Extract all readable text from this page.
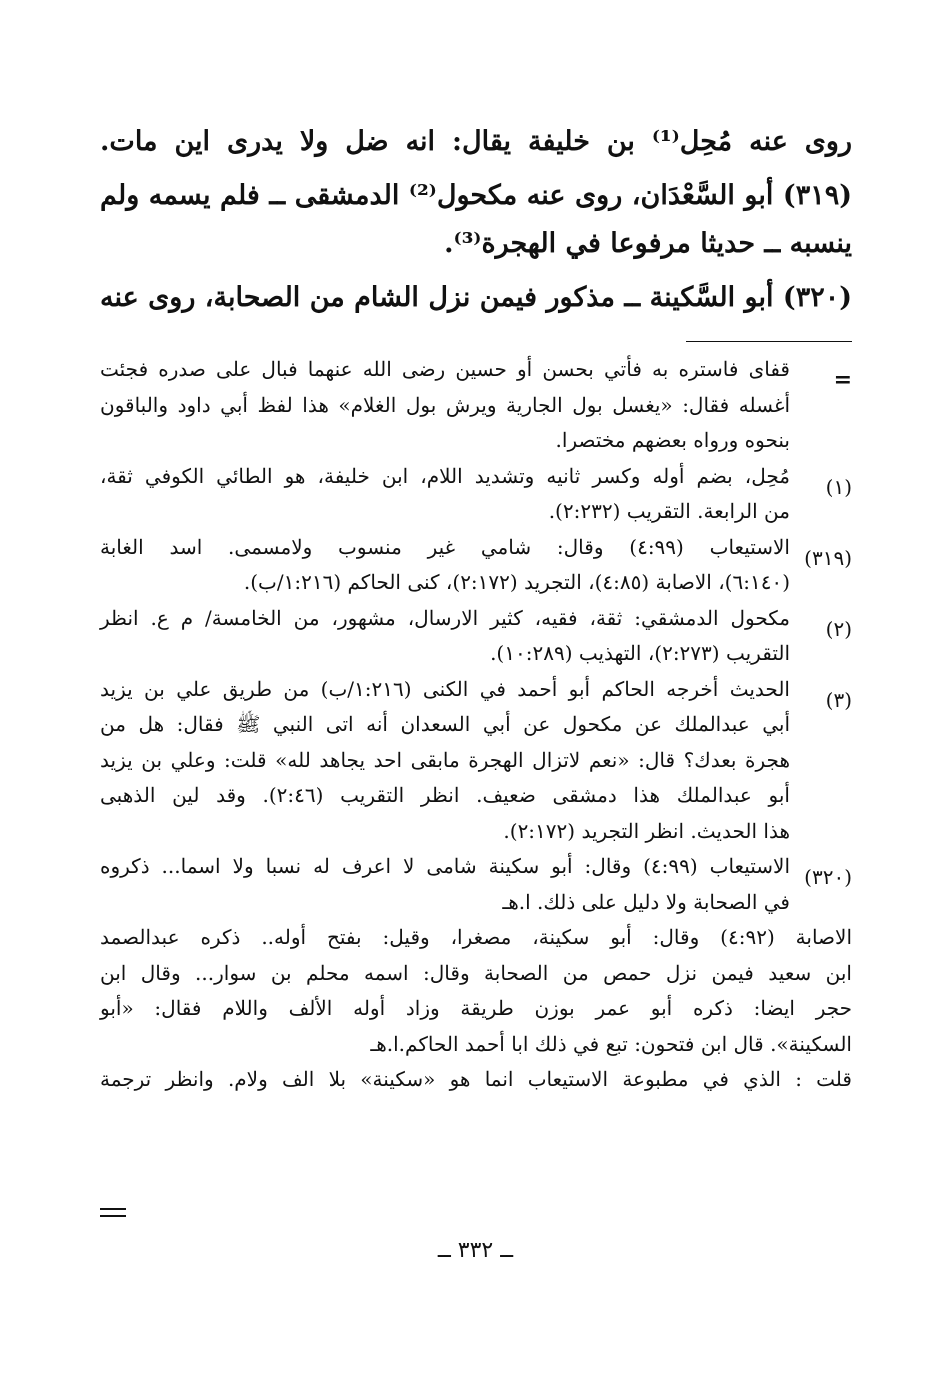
روى عنه مُحِل⁽¹⁾ بن خليفة يقال: انه ضل ولا يدرى اين مات.

(٣١٩) أبو السَّعْدَان، روى عنه مكحول⁽²⁾ الدمشقى ــ فلم يسمه ولم

ينسبه ــ حديثا مرفوعا في الهجرة⁽³⁾.

(٣٢٠) أبو السَّكينة ــ مذكور فيمن نزل الشام من الصحابة، روى عنه

=

قفاى فاستره به فأتي بحسن أو حسين رضى الله عنهما فبال على صدره فجئت

أغسله فقال: «يغسل بول الجارية ويرش بول الغلام» هذا لفظ أبي داود والباقون

بنحوه ورواه بعضهم مختصرا.

(١)

مُحِل، بضم أوله وكسر ثانيه وتشديد اللام، ابن خليفة، هو الطائي الكوفي ثقة،

من الرابعة. التقريب (٢:٢٣٢).

(٣١٩)

الاستيعاب (٤:٩٩) وقال: شامي غير منسوب ولامسمى. اسد الغابة

(٦:١٤٠)، الاصابة (٤:٨٥)، التجريد (٢:١٧٢)، كنى الحاكم (١:٢١٦/ب).

(٢)

مكحول الدمشقي: ثقة، فقيه، كثير الارسال، مشهور، من الخامسة/ م ع. انظر

التقريب (٢:٢٧٣)، التهذيب (١٠:٢٨٩).

(٣)

الحديث أخرجه الحاكم أبو أحمد في الكنى (١:٢١٦/ب) من طريق علي بن يزيد

أبي عبدالملك عن مكحول عن أبي السعدان أنه اتى النبي ﷺ فقال: هل من

هجرة بعدك؟ قال: «نعم لاتزال الهجرة مابقى احد يجاهد لله» قلت: وعلي بن يزيد

أبو عبدالملك هذا دمشقى ضعيف. انظر التقريب (٢:٤٦). وقد لين الذهبى

هذا الحديث. انظر التجريد (٢:١٧٢).

(٣٢٠)

الاستيعاب (٤:٩٩) وقال: أبو سكينة شامى لا اعرف له نسبا ولا اسما... ذكروه

في الصحابة ولا دليل على ذلك. ا.هـ

الاصابة (٤:٩٢) وقال: أبو سكينة، مصغرا، وقيل: بفتح أوله.. ذكره عبدالصمد

ابن سعيد فيمن نزل حمص من الصحابة وقال: اسمه محلم بن سوار... وقال ابن

حجر ايضا: ذكره أبو عمر بوزن طريقة وزاد أوله الألف واللام فقال: «أبو

السكينة». قال ابن فتحون: تبع في ذلك ابا أحمد الحاكم.ا.هـ

قلت : الذي في مطبوعة الاستيعاب انما هو «سكينة» بلا الف ولام. وانظر ترجمة

ــ ٣٣٢ ــ
